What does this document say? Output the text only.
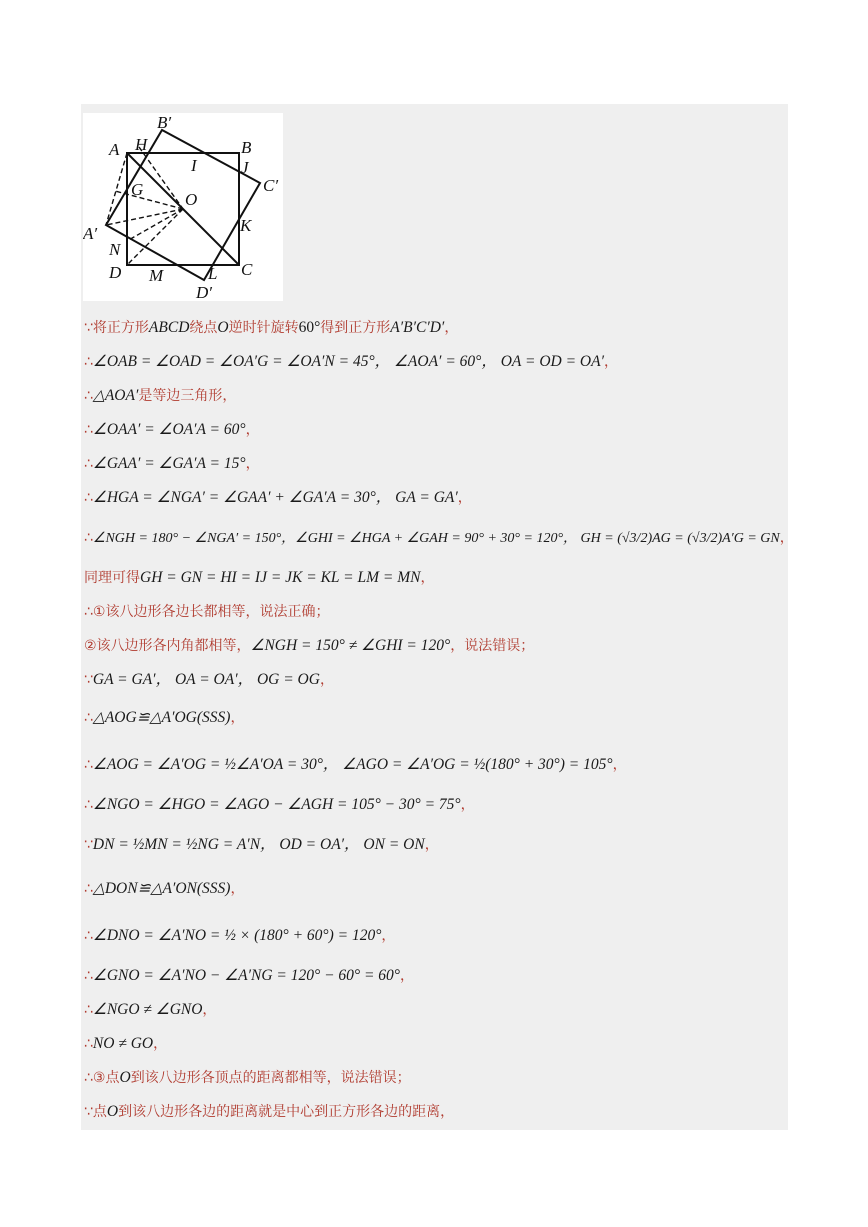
A H
B′
B
I	J
C′
G
O
A′
N
K
D M	L C
D′
∵将正方形ABCD绕点O逆时针旋转60°得到正方形A′B′C′D′，
∴∠OAB = ∠OAD = ∠OA′G = ∠OA′N = 45°， ∠AOA′ = 60°， OA = OD = OA′，
∴△AOA′是等边三角形，
∴∠OAA′ = ∠OA′A = 60°，
∴∠GAA′ = ∠GA′A = 15°，
∴∠HGA = ∠NGA′ = ∠GAA′ + ∠GA′A = 30°， GA = GA′，
∴∠NGH = 180° − ∠NGA′ = 150°，∠GHI = ∠HGA + ∠GAH = 90° + 30° = 120°， GH = (√3/2)AG = (√3/2)A′G = GN，
同理可得GH = GN = HI = IJ = JK = KL = LM = MN，
∴①该八边形各边长都相等，说法正确；
②该八边形各内角都相等，∠NGH = 150° ≠ ∠GHI = 120°，说法错误；
∵GA = GA′， OA = OA′， OG = OG，
∴△AOG≌△A′OG(SSS)，
∴∠AOG = ∠A′OG = ½∠A′OA = 30°， ∠AGO = ∠A′OG = ½(180° + 30°) = 105°，
∴∠NGO = ∠HGO = ∠AGO − ∠AGH = 105° − 30° = 75°，
∵DN = ½MN = ½NG = A′N， OD = OA′， ON = ON，
∴△DON≌△A′ON(SSS)，
∴∠DNO = ∠A′NO = ½ × (180° + 60°) = 120°，
∴∠GNO = ∠A′NO − ∠A′NG = 120° − 60° = 60°，
∴∠NGO ≠ ∠GNO，
∴NO ≠ GO，
∴③点O到该八边形各顶点的距离都相等，说法错误；
∵点O到该八边形各边的距离就是中心到正方形各边的距离，
